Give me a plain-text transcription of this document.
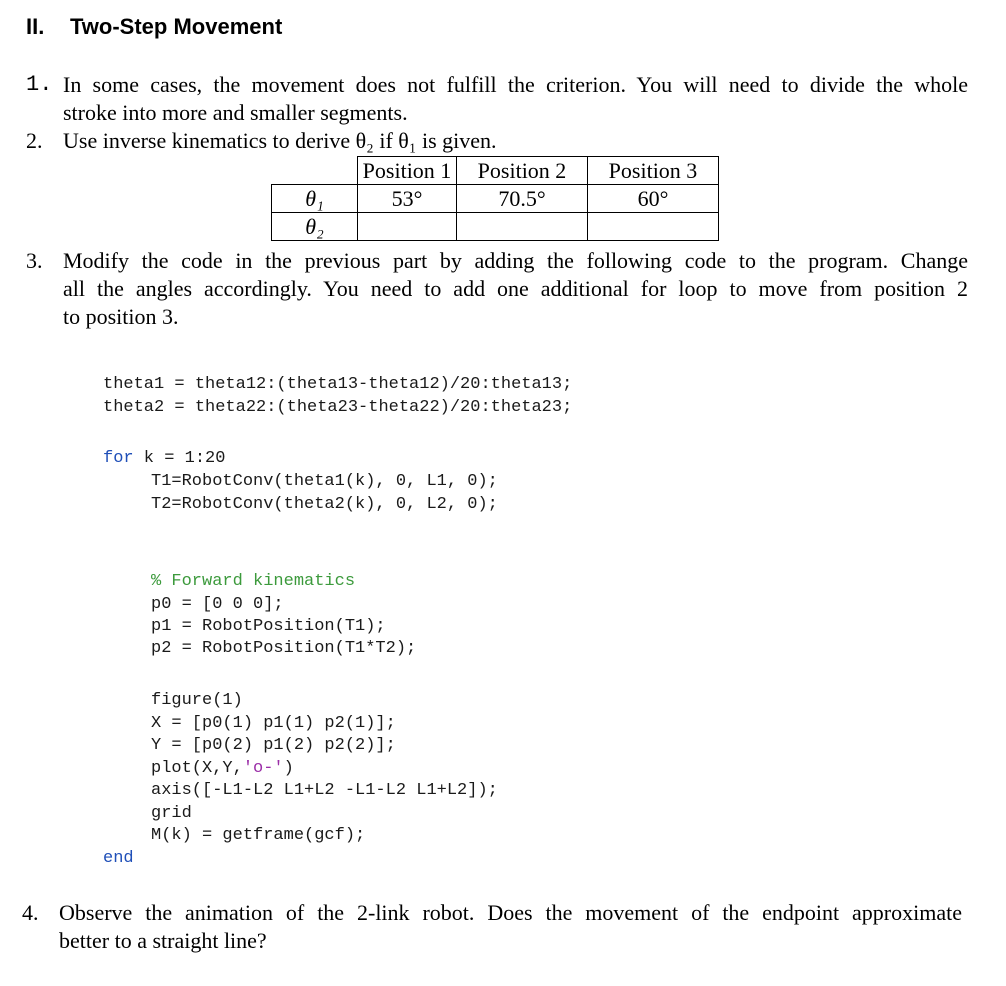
II. Two-Step Movement
1. In some cases, the movement does not fulfill the criterion. You will need to divide the whole
stroke into more and smaller segments.
2. Use inverse kinematics to derive θ₂ if θ₁ is given.
	Position 1	Position 2	Position 3
θ₁	53°	70.5°	60°
θ₂			
3. Modify the code in the previous part by adding the following code to the program. Change
all the angles accordingly. You need to add one additional for loop to move from position 2
to position 3.
theta1 = theta12:(theta13-theta12)/20:theta13;
theta2 = theta22:(theta23-theta22)/20:theta23;
for k = 1:20
T1=RobotConv(theta1(k), 0, L1, 0);
T2=RobotConv(theta2(k), 0, L2, 0);
% Forward kinematics
p0 = [0 0 0];
p1 = RobotPosition(T1);
p2 = RobotPosition(T1*T2);
figure(1)
X = [p0(1) p1(1) p2(1)];
Y = [p0(2) p1(2) p2(2)];
plot(X,Y,'o-')
axis([-L1-L2 L1+L2 -L1-L2 L1+L2]);
grid
M(k) = getframe(gcf);
end
4. Observe the animation of the 2-link robot. Does the movement of the endpoint approximate
better to a straight line?
